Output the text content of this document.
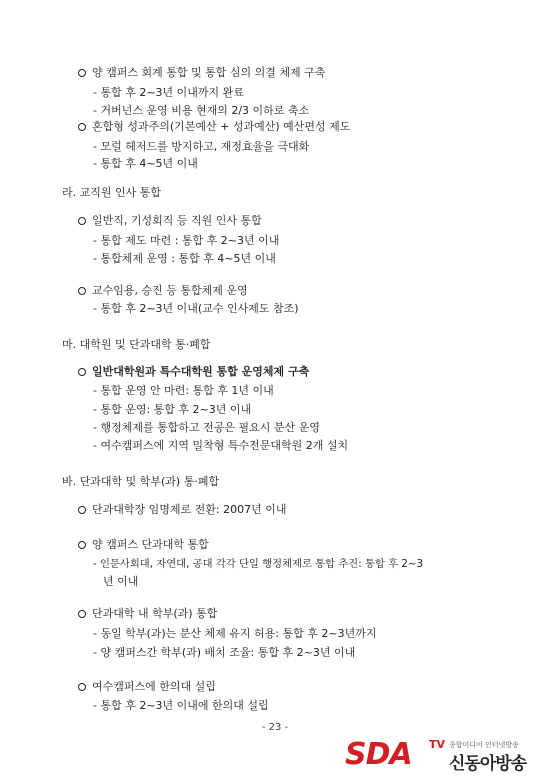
양 캠퍼스 회계 통합 및 통합 심의 의결 체제 구축
- 통합 후 2~3년 이내까지 완료
- 거버넌스 운영 비용 현재의 2/3 이하로 축소
혼합형 성과주의(기본예산 + 성과예산) 예산편성 제도
- 모럴 헤저드를 방지하고, 재정효율을 극대화
- 통합 후 4~5년 이내
라. 교직원 인사 통합
일반직, 기성회직 등 직원 인사 통합
- 통합 제도 마련 : 통합 후 2~3년 이내
- 통합체제 운영 : 통합 후 4~5년 이내
교수임용, 승진 등 통합체제 운영
- 통합 후 2~3년 이내(교수 인사제도 참조)
마. 대학원 및 단과대학 통·폐합
일반대학원과 특수대학원 통합 운영체제 구축
- 통합 운영 안 마련: 통합 후 1년 이내
- 통합 운영: 통합 후 2~3년 이내
- 행정체제를 통합하고 전공은 필요시 분산 운영
- 여수캠퍼스에 지역 밀착형 특수전문대학원 2개 설치
바. 단과대학 및 학부(과) 통·폐합
단과대학장 임명제로 전환: 2007년 이내
양 캠퍼스 단과대학 통합
- 인문사회대, 자연대, 공대 각각 단일 행정체제로 통합 추진: 통합 후 2~3
년 이내
단과대학 내 학부(과) 통합
- 동일 학부(과)는 분산 체제 유지 허용: 통합 후 2~3년까지
- 양 캠퍼스간 학부(과) 배치 조율: 통합 후 2~3년 이내
여수캠퍼스에 한의대 설립
- 통합 후 2~3년 이내에 한의대 설립
- 23 -
SDA TV 종합미디어 인터넷방송
신동아방송
